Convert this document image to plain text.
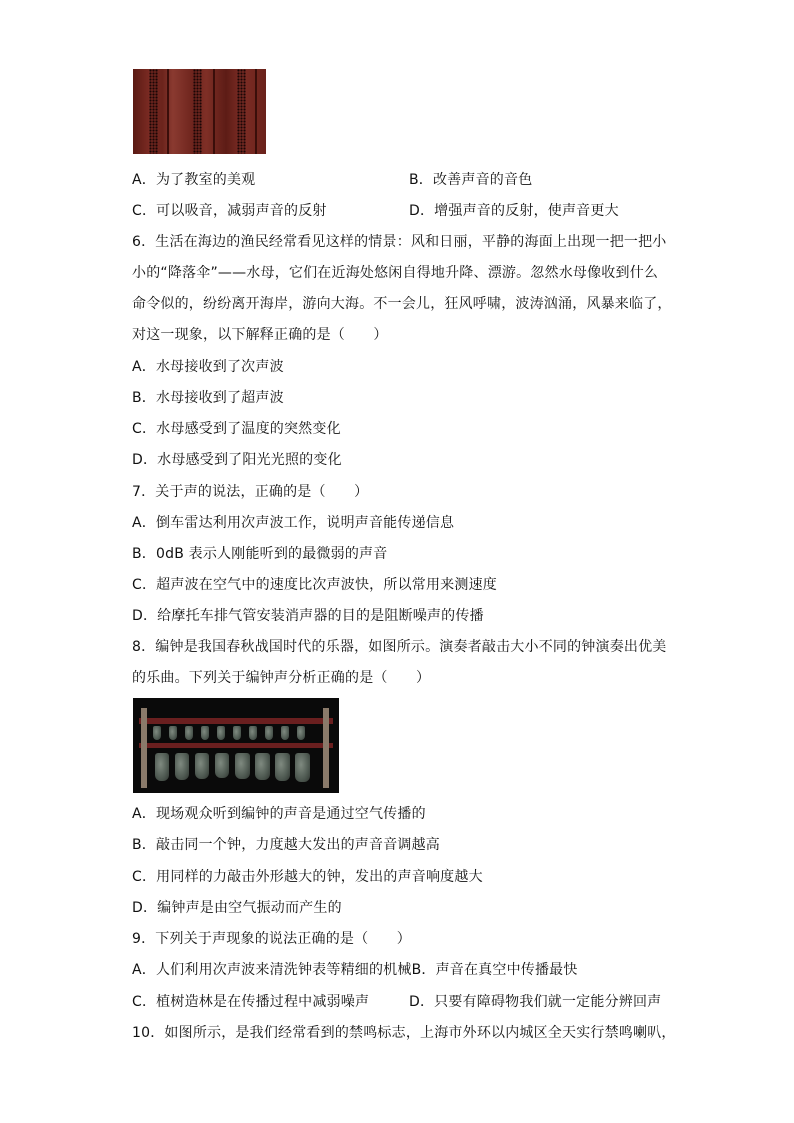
A．为了教室的美观	B．改善声音的音色
C．可以吸音，减弱声音的反射	D．增强声音的反射，使声音更大
6．生活在海边的渔民经常看见这样的情景：风和日丽，平静的海面上出现一把一把小
小的“降落伞”——水母，它们在近海处悠闲自得地升降、漂游。忽然水母像收到什么
命令似的，纷纷离开海岸，游向大海。不一会儿，狂风呼啸，波涛汹涌，风暴来临了，
对这一现象，以下解释正确的是（　　）
A．水母接收到了次声波
B．水母接收到了超声波
C．水母感受到了温度的突然变化
D．水母感受到了阳光光照的变化
7．关于声的说法，正确的是（　　）
A．倒车雷达利用次声波工作，说明声音能传递信息
B．0dB 表示人刚能听到的最微弱的声音
C．超声波在空气中的速度比次声波快，所以常用来测速度
D．给摩托车排气管安装消声器的目的是阻断噪声的传播
8．编钟是我国春秋战国时代的乐器，如图所示。演奏者敲击大小不同的钟演奏出优美
的乐曲。下列关于编钟声分析正确的是（　　）
A．现场观众听到编钟的声音是通过空气传播的
B．敲击同一个钟，力度越大发出的声音音调越高
C．用同样的力敲击外形越大的钟，发出的声音响度越大
D．编钟声是由空气振动而产生的
9．下列关于声现象的说法正确的是（　　）
A．人们利用次声波来清洗钟表等精细的机械B．声音在真空中传播最快
C．植树造林是在传播过程中减弱噪声	D．只要有障碍物我们就一定能分辨回声
10．如图所示，是我们经常看到的禁鸣标志，上海市外环以内城区全天实行禁鸣喇叭，
